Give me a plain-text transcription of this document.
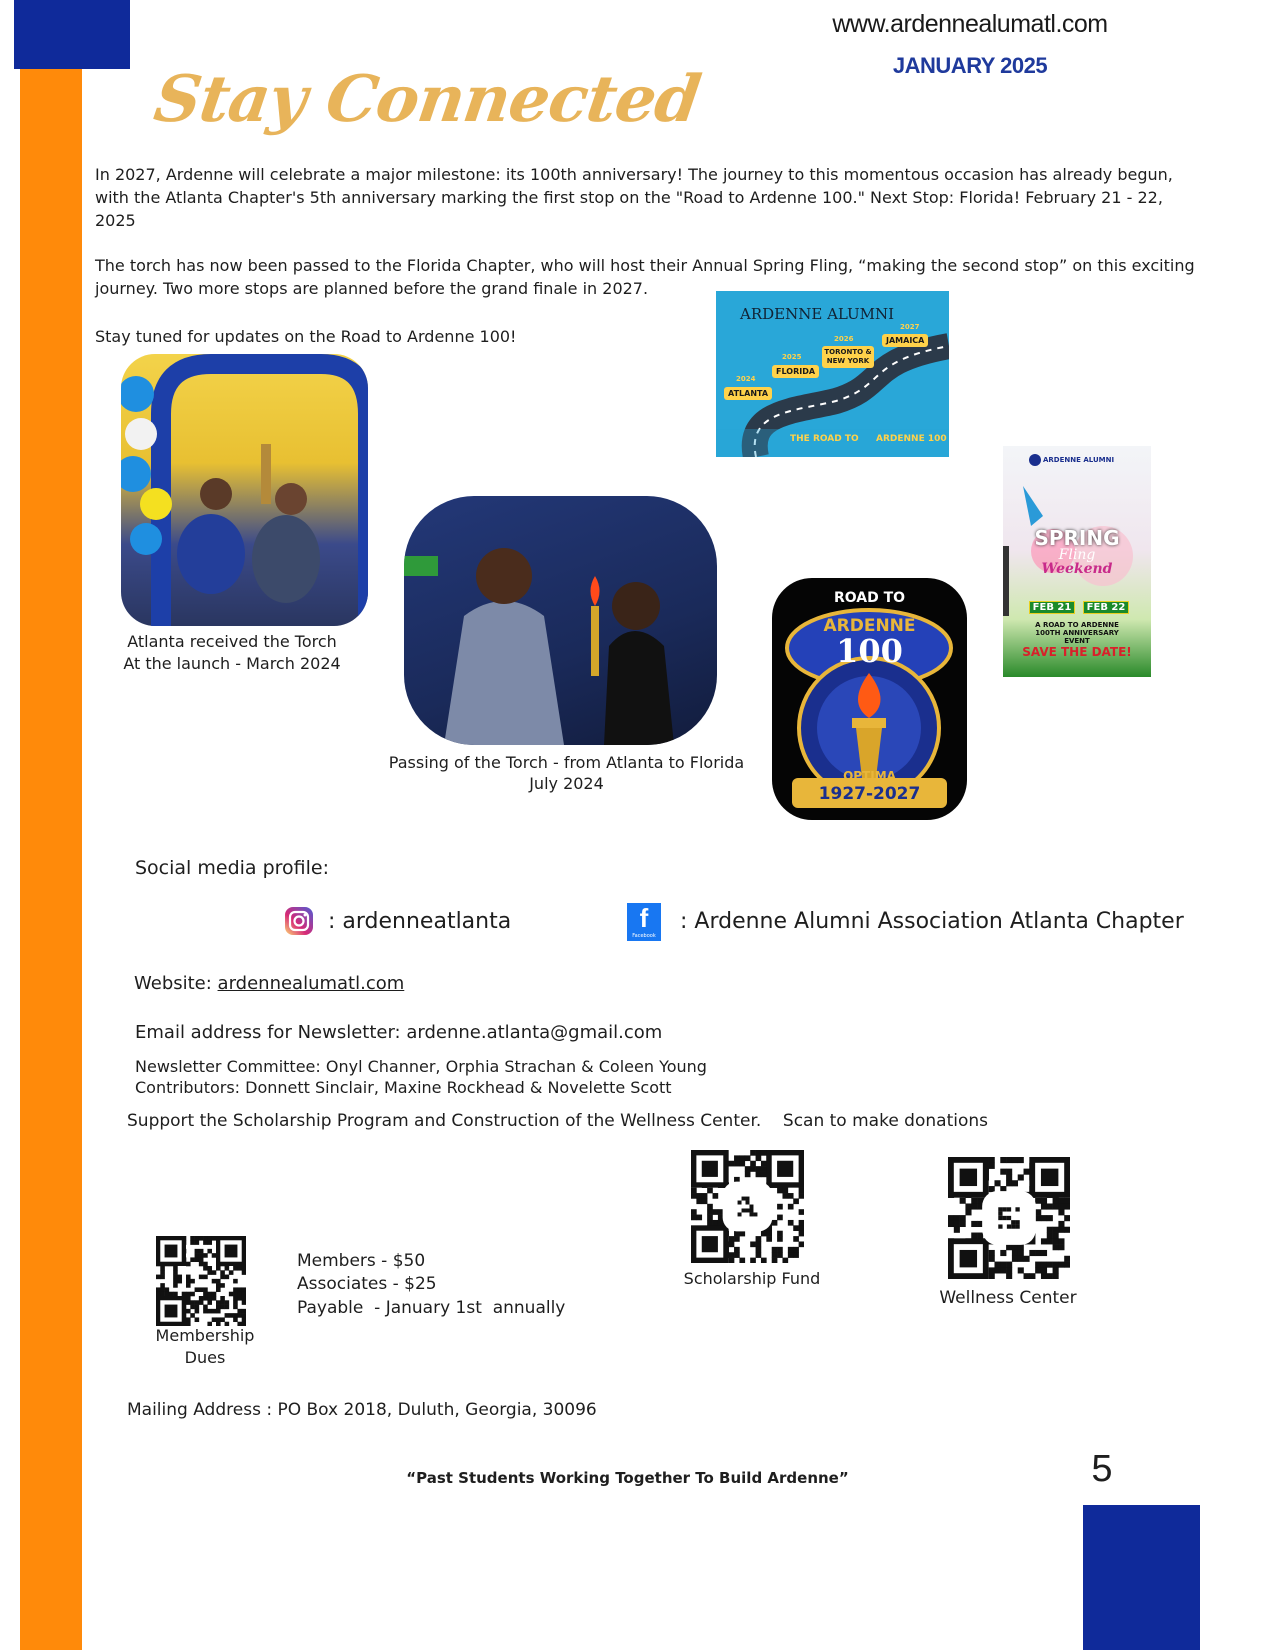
www.ardennealumatl.com
JANUARY 2025
Stay Connected
In 2027, Ardenne will celebrate a major milestone: its 100th anniversary! The journey to this momentous occasion has already begun, with the Atlanta Chapter's 5th anniversary marking the first stop on the "Road to Ardenne 100." Next Stop: Florida! February 21 - 22, 2025
The torch has now been passed to the Florida Chapter, who will host their Annual Spring Fling, “making the second stop” on this exciting journey. Two more stops are planned before the grand finale in 2027.
Stay tuned for updates on the Road to Ardenne 100!
ARDENNE ALUMNI
2024
ATLANTA
2025
FLORIDA
2026
TORONTO & NEW YORK
2027
JAMAICA
THE ROAD TO ARDENNE 100
Atlanta received the Torch
At the launch - March 2024
Passing of the Torch - from Atlanta to Florida
July 2024
ROAD TO
ARDENNE
100
OPTIMA
1927-2027
ARDENNE ALUMNI
SPRING
Fling
Weekend
FEB 21	FEB 22
A ROAD TO ARDENNE 100TH ANNIVERSARY EVENT
SAVE THE DATE!
Social media profile:
: ardenneatlanta	f
Facebook
: Ardenne Alumni Association Atlanta Chapter
Website: ardennealumatl.com
Email address for Newsletter: ardenne.atlanta@gmail.com
Newsletter Committee: Onyl Channer, Orphia Strachan & Coleen Young
Contributors: Donnett Sinclair, Maxine Rockhead & Novelette Scott
Support the Scholarship Program and Construction of the Wellness Center.    Scan to make donations
Scholarship Fund
Wellness Center
Membership
Dues
Members - $50
Associates - $25
Payable  - January 1st  annually
Mailing Address : PO Box 2018, Duluth, Georgia, 30096
“Past Students Working Together To Build Ardenne”	5
